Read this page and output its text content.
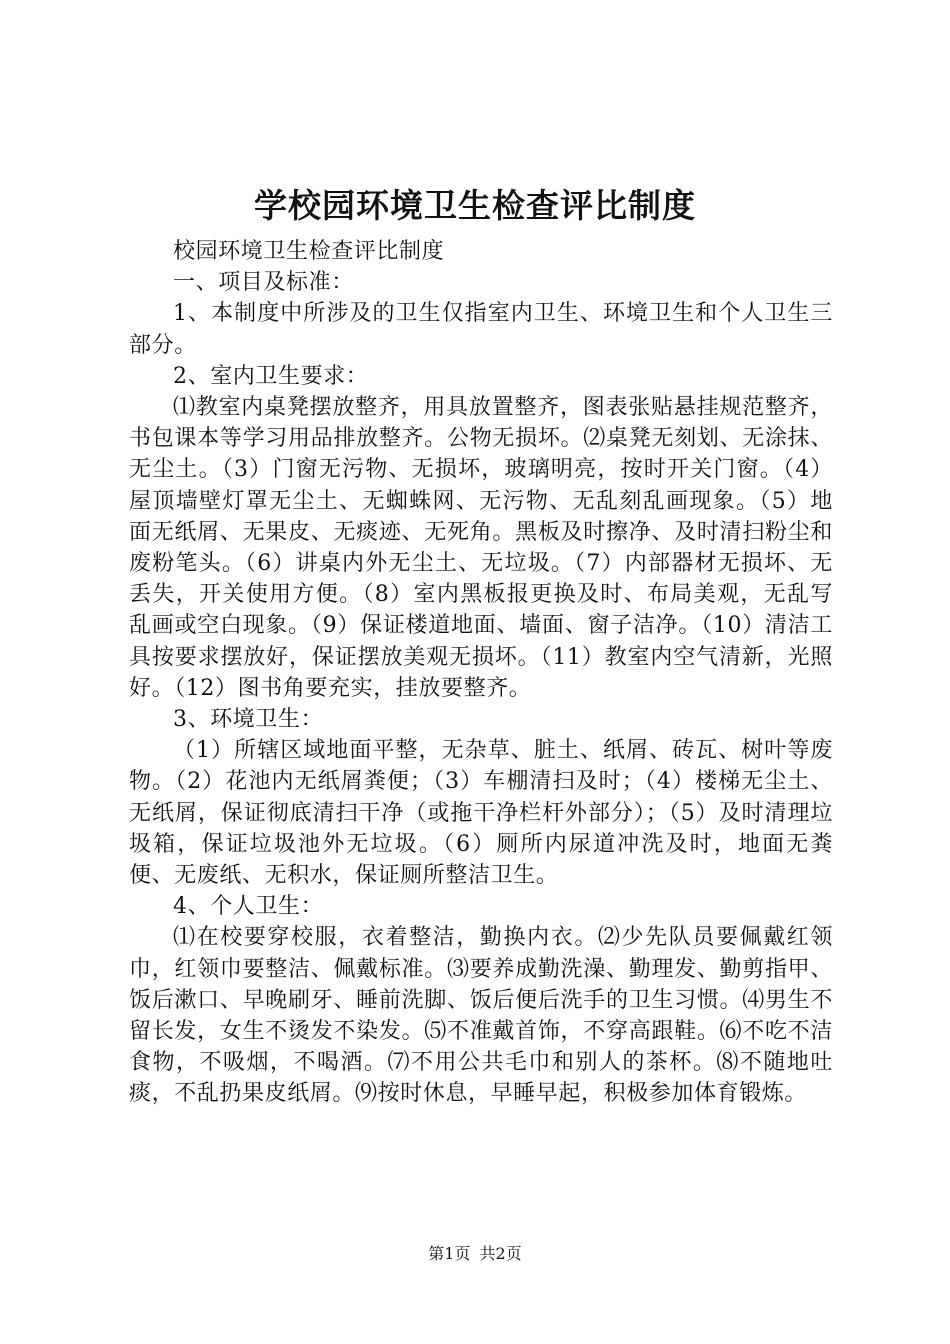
学校园环境卫生检查评比制度

校园环境卫生检查评比制度

一、项目及标准：

1、本制度中所涉及的卫生仅指室内卫生、环境卫生和个人卫生三部分。

2、室内卫生要求：

⑴教室内桌凳摆放整齐，用具放置整齐，图表张贴悬挂规范整齐，书包课本等学习用品排放整齐。公物无损坏。⑵桌凳无刻划、无涂抹、无尘土。（3）门窗无污物、无损坏，玻璃明亮，按时开关门窗。（4）屋顶墙壁灯罩无尘土、无蜘蛛网、无污物、无乱刻乱画现象。（5）地面无纸屑、无果皮、无痰迹、无死角。黑板及时擦净、及时清扫粉尘和废粉笔头。（6）讲桌内外无尘土、无垃圾。（7）内部器材无损坏、无丢失，开关使用方便。（8）室内黑板报更换及时、布局美观，无乱写乱画或空白现象。（9）保证楼道地面、墙面、窗子洁净。（10）清洁工具按要求摆放好，保证摆放美观无损坏。（11）教室内空气清新，光照好。（12）图书角要充实，挂放要整齐。

3、环境卫生：

（1）所辖区域地面平整，无杂草、脏土、纸屑、砖瓦、树叶等废物。（2）花池内无纸屑粪便；（3）车棚清扫及时；（4）楼梯无尘土、无纸屑，保证彻底清扫干净（或拖干净栏杆外部分）；（5）及时清理垃圾箱，保证垃圾池外无垃圾。（6）厕所内尿道冲洗及时，地面无粪便、无废纸、无积水，保证厕所整洁卫生。

4、个人卫生：

⑴在校要穿校服，衣着整洁，勤换内衣。⑵少先队员要佩戴红领巾，红领巾要整洁、佩戴标准。⑶要养成勤洗澡、勤理发、勤剪指甲、饭后漱口、早晚刷牙、睡前洗脚、饭后便后洗手的卫生习惯。⑷男生不留长发，女生不烫发不染发。⑸不准戴首饰，不穿高跟鞋。⑹不吃不洁食物，不吸烟，不喝酒。⑺不用公共毛巾和别人的茶杯。⑻不随地吐痰，不乱扔果皮纸屑。⑼按时休息，早睡早起，积极参加体育锻炼。

第1页 共2页
